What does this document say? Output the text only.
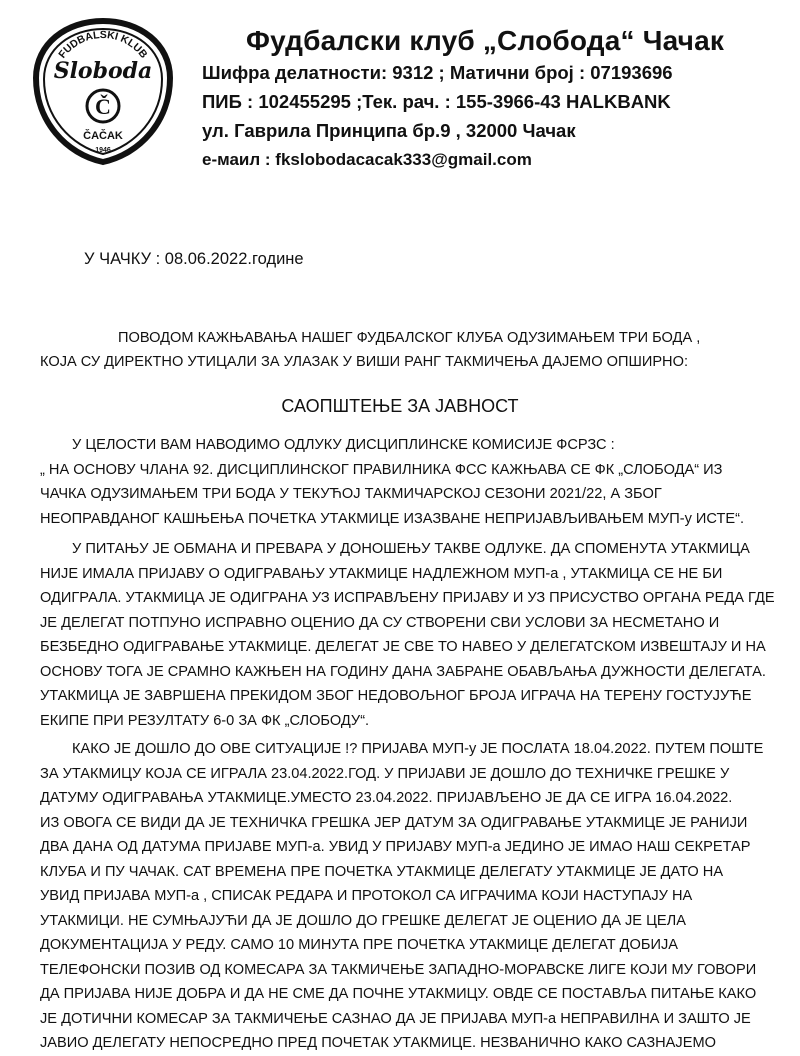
FUDBALSKI KLUB
Sloboda
Č
ČAČAK
1946
Фудбалски клуб „Слобода“ Чачак
Шифра делатности: 9312 ; Матични број : 07193696
ПИБ : 102455295 ;Тек. рач. : 155-3966-43 HALKBANK
ул. Гаврила Принципа бр.9 , 32000 Чачак
е-маил : fkslobodacacak333@gmail.com
У ЧАЧКУ : 08.06.2022.године
ПОВОДОМ КАЖЊАВАЊА НАШЕГ ФУДБАЛСКОГ КЛУБА ОДУЗИМАЊЕМ ТРИ БОДА ,
КОЈА СУ ДИРЕКТНО УТИЦАЛИ ЗА УЛАЗАК У ВИШИ РАНГ ТАКМИЧЕЊА ДАЈЕМО ОПШИРНО:
САОПШТЕЊЕ ЗА ЈАВНОСТ
У ЦЕЛОСТИ ВАМ НАВОДИМО ОДЛУКУ ДИСЦИПЛИНСКЕ КОМИСИЈЕ ФСРЗС :
„ НА ОСНОВУ ЧЛАНА 92. ДИСЦИПЛИНСКОГ ПРАВИЛНИКА ФСС КАЖЊАВА СЕ ФК „СЛОБОДА“ ИЗ
ЧАЧКА ОДУЗИМАЊЕМ ТРИ БОДА У ТЕКУЋОЈ ТАКМИЧАРСКОЈ СЕЗОНИ 2021/22, А ЗБОГ
НЕОПРАВДАНОГ КАШЊЕЊА ПОЧЕТКА УТАКМИЦЕ ИЗАЗВАНЕ НЕПРИЈАВЉИВАЊЕМ МУП-у ИСТЕ“.
У ПИТАЊУ ЈЕ ОБМАНА И ПРЕВАРА У ДОНОШЕЊУ ТАКВЕ ОДЛУКЕ. ДА СПОМЕНУТА УТАКМИЦА
НИЈЕ ИМАЛА ПРИЈАВУ О ОДИГРАВАЊУ УТАКМИЦЕ НАДЛЕЖНОМ МУП-а , УТАКМИЦА СЕ НЕ БИ
ОДИГРАЛА. УТАКМИЦА ЈЕ ОДИГРАНА УЗ ИСПРАВЉЕНУ ПРИЈАВУ И УЗ ПРИСУСТВО ОРГАНА РЕДА ГДЕ
ЈЕ ДЕЛЕГАТ ПОТПУНО ИСПРАВНО ОЦЕНИО ДА СУ СТВОРЕНИ СВИ УСЛОВИ ЗА НЕСМЕТАНО И
БЕЗБЕДНО ОДИГРАВАЊЕ УТАКМИЦЕ. ДЕЛЕГАТ ЈЕ СВЕ ТО НАВЕО У ДЕЛЕГАТСКОМ ИЗВЕШТАЈУ И НА
ОСНОВУ ТОГА ЈЕ СРАМНО КАЖЊЕН НА ГОДИНУ ДАНА ЗАБРАНЕ ОБАВЉАЊА ДУЖНОСТИ ДЕЛЕГАТА.
УТАКМИЦА ЈЕ ЗАВРШЕНА ПРЕКИДОМ ЗБОГ НЕДОВОЉНОГ БРОЈА ИГРАЧА НА ТЕРЕНУ ГОСТУЈУЋЕ
ЕКИПЕ ПРИ РЕЗУЛТАТУ 6-0 ЗА ФК „СЛОБОДУ“.
КАКО ЈЕ ДОШЛО ДО ОВЕ СИТУАЦИЈЕ !? ПРИЈАВА МУП-у ЈЕ ПОСЛАТА 18.04.2022. ПУТЕМ ПОШТЕ
ЗА УТАКМИЦУ КОЈА СЕ ИГРАЛА 23.04.2022.ГОД. У ПРИЈАВИ ЈЕ ДОШЛО ДО ТЕХНИЧКЕ ГРЕШКЕ У
ДАТУМУ ОДИГРАВАЊА УТАКМИЦЕ.УМЕСТО 23.04.2022. ПРИЈАВЉЕНО ЈЕ ДА СЕ ИГРА 16.04.2022.
ИЗ ОВОГА СЕ ВИДИ ДА ЈЕ ТЕХНИЧКА ГРЕШКА ЈЕР ДАТУМ ЗА ОДИГРАВАЊЕ УТАКМИЦЕ ЈЕ РАНИЈИ
ДВА ДАНА ОД ДАТУМА ПРИЈАВЕ МУП-а. УВИД У ПРИЈАВУ МУП-а ЈЕДИНО ЈЕ ИМАО НАШ СЕКРЕТАР
КЛУБА И ПУ ЧАЧАК. САТ ВРЕМЕНА ПРЕ ПОЧЕТКА УТАКМИЦЕ ДЕЛЕГАТУ УТАКМИЦЕ ЈЕ ДАТО НА
УВИД ПРИЈАВА МУП-а , СПИСАК РЕДАРА И ПРОТОКОЛ СА ИГРАЧИМА КОЈИ НАСТУПАЈУ НА
УТАКМИЦИ. НЕ СУМЊАЈУЋИ ДА ЈЕ ДОШЛО ДО ГРЕШКЕ ДЕЛЕГАТ ЈЕ ОЦЕНИО ДА ЈЕ ЦЕЛА
ДОКУМЕНТАЦИЈА У РЕДУ. САМО 10 МИНУТА ПРЕ ПОЧЕТКА УТАКМИЦЕ ДЕЛЕГАТ ДОБИЈА
ТЕЛЕФОНСКИ ПОЗИВ ОД КОМЕСАРА ЗА ТАКМИЧЕЊЕ ЗАПАДНО-МОРАВСКЕ ЛИГЕ КОЈИ МУ ГОВОРИ
ДА ПРИЈАВА НИЈЕ ДОБРА И ДА НЕ СМЕ ДА ПОЧНЕ УТАКМИЦУ. ОВДЕ СЕ ПОСТАВЉА ПИТАЊЕ КАКО
ЈЕ ДОТИЧНИ КОМЕСАР ЗА ТАКМИЧЕЊЕ САЗНАО ДА ЈЕ ПРИЈАВА МУП-а НЕПРАВИЛНА И ЗАШТО ЈЕ
ЈАВИО ДЕЛЕГАТУ НЕПОСРЕДНО ПРЕД ПОЧЕТАК УТАКМИЦЕ. НЕЗВАНИЧНО КАКО САЗНАЈЕМО
